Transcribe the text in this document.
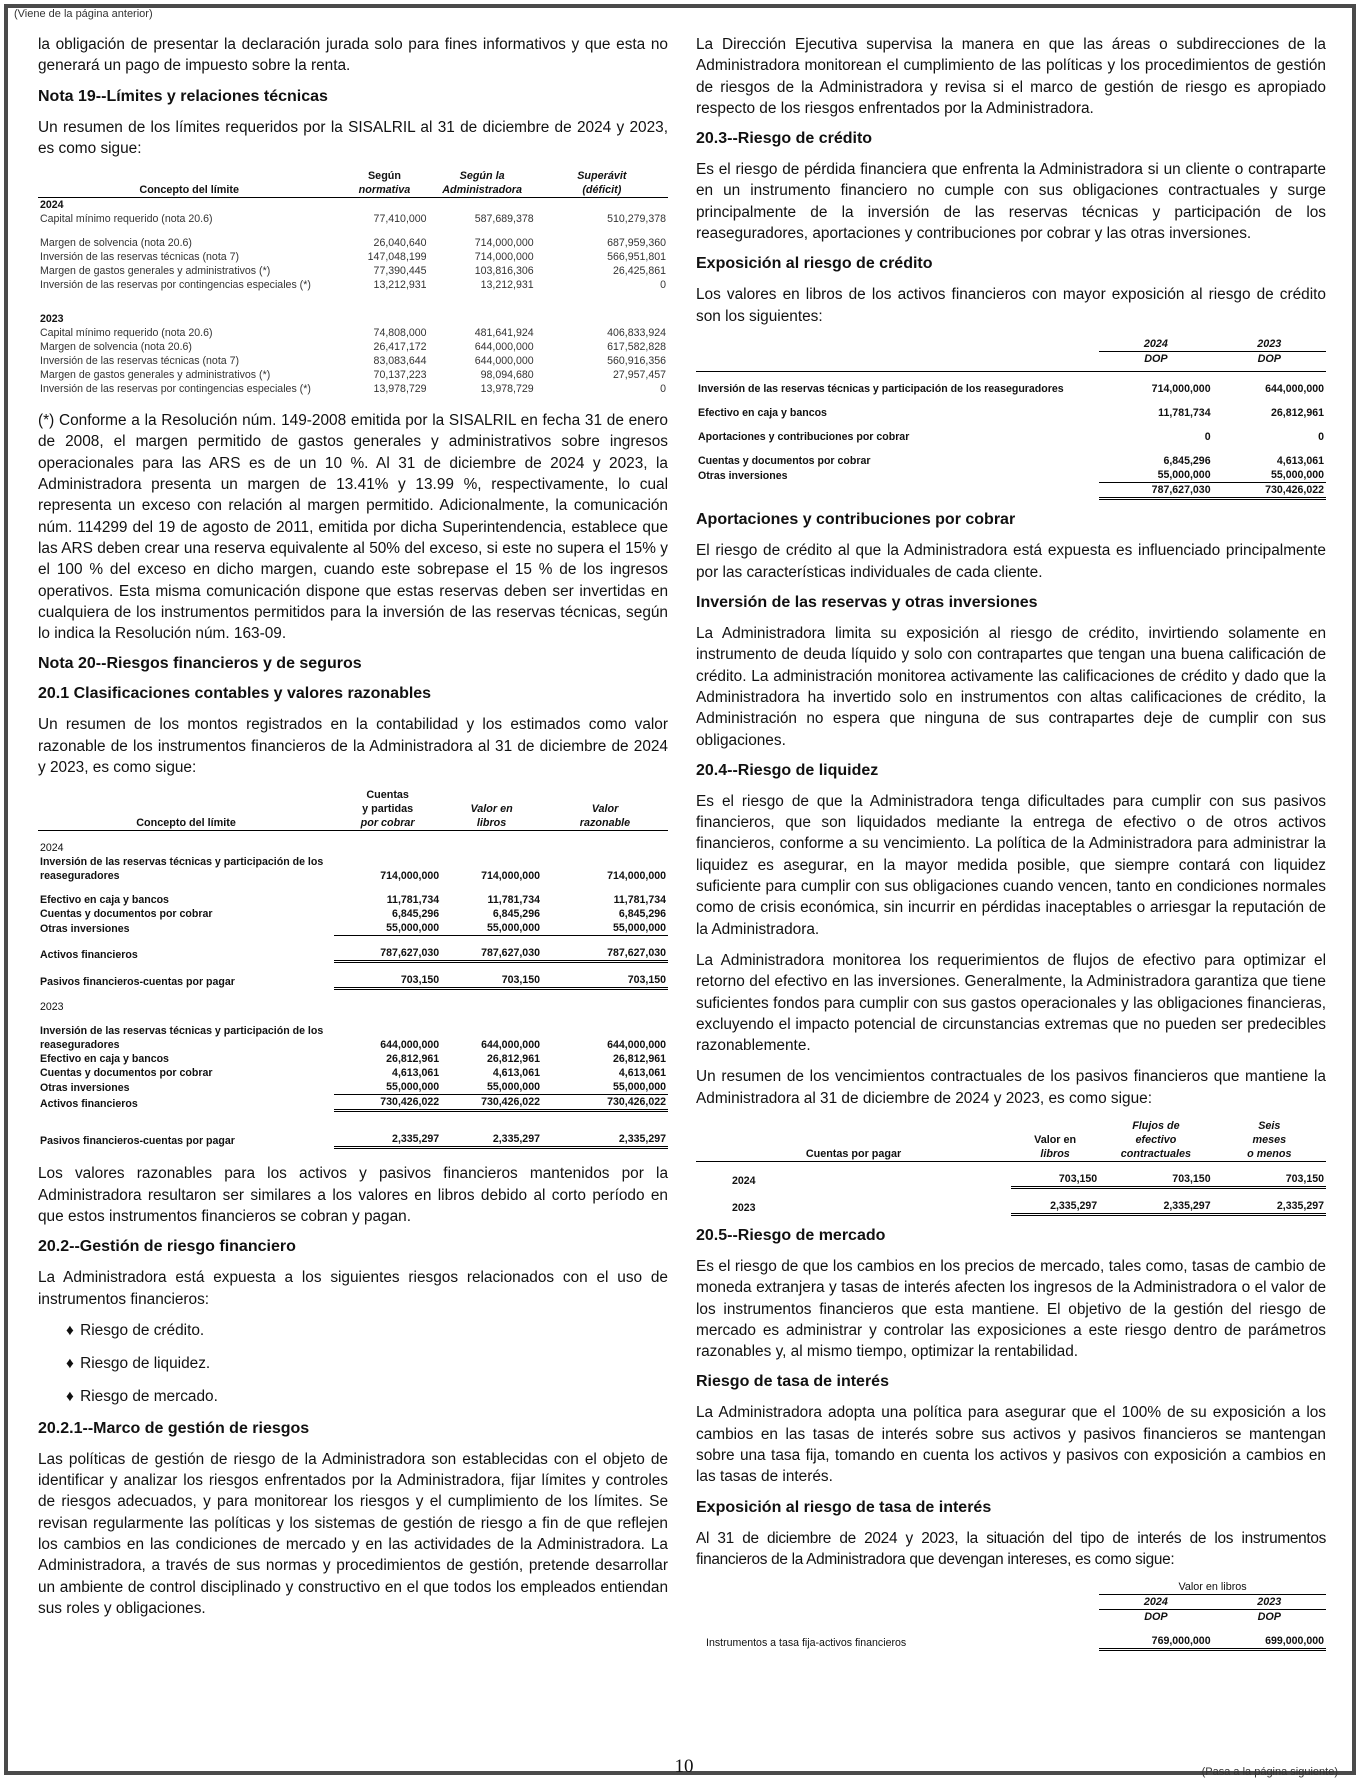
(Viene de la página anterior)

la obligación de presentar la declaración jurada solo para fines informativos y que esta no generará un pago de impuesto sobre la renta.

Nota 19--Límites y relaciones técnicas

Un resumen de los límites requeridos por la SISALRIL al 31 de diciembre de 2024 y 2023, es como sigue:

	Según	Según la	Superávit
Concepto del límite	normativa	Administradora	(déficit)
2024			
Capital mínimo requerido (nota 20.6)	77,410,000	587,689,378	510,279,378

Margen de solvencia (nota 20.6)	26,040,640	714,000,000	687,959,360
Inversión de las reservas técnicas (nota 7)	147,048,199	714,000,000	566,951,801
Margen de gastos generales y administrativos (*)	77,390,445	103,816,306	26,425,861
Inversión de las reservas por contingencias especiales (*)	13,212,931	13,212,931	0

2023			
Capital mínimo requerido (nota 20.6)	74,808,000	481,641,924	406,833,924
Margen de solvencia (nota 20.6)	26,417,172	644,000,000	617,582,828
Inversión de las reservas técnicas (nota 7)	83,083,644	644,000,000	560,916,356
Margen de gastos generales y administrativos (*)	70,137,223	98,094,680	27,957,457
Inversión de las reservas por contingencias especiales (*)	13,978,729	13,978,729	0

(*) Conforme a la Resolución núm. 149-2008 emitida por la SISALRIL en fecha 31 de enero de 2008, el margen permitido de gastos generales y administrativos sobre ingresos operacionales para las ARS es de un 10 %. Al 31 de diciembre de 2024 y 2023, la Administradora presenta un margen de 13.41% y 13.99 %, respectivamente, lo cual representa un exceso con relación al margen permitido. Adicionalmente, la comunicación núm. 114299 del 19 de agosto de 2011, emitida por dicha Superintendencia, establece que las ARS deben crear una reserva equivalente al 50% del exceso, si este no supera el 15% y el 100 % del exceso en dicho margen, cuando este sobrepase el 15 % de los ingresos operativos. Esta misma comunicación dispone que estas reservas deben ser invertidas en cualquiera de los instrumentos permitidos para la inversión de las reservas técnicas, según lo indica la Resolución núm. 163-09.

Nota 20--Riesgos financieros y de seguros
20.1 Clasificaciones contables y valores razonables

Un resumen de los montos registrados en la contabilidad y los estimados como valor razonable de los instrumentos financieros de la Administradora al 31 de diciembre de 2024 y 2023, es como sigue:

	Cuentas		
	y partidas	Valor en	Valor
Concepto del límite	por cobrar	libros	razonable

2024			
Inversión de las reservas técnicas y participación de los			
reaseguradores	714,000,000	714,000,000	714,000,000

Efectivo en caja y bancos	11,781,734	11,781,734	11,781,734
Cuentas y documentos por cobrar	6,845,296	6,845,296	6,845,296
Otras inversiones	55,000,000	55,000,000	55,000,000

Activos financieros	787,627,030	787,627,030	787,627,030

Pasivos financieros-cuentas por pagar	703,150	703,150	703,150

2023			

Inversión de las reservas técnicas y participación de los			
reaseguradores	644,000,000	644,000,000	644,000,000
Efectivo en caja y bancos	26,812,961	26,812,961	26,812,961
Cuentas y documentos por cobrar	4,613,061	4,613,061	4,613,061
Otras inversiones	55,000,000	55,000,000	55,000,000
Activos financieros	730,426,022	730,426,022	730,426,022

Pasivos financieros-cuentas por pagar	2,335,297	2,335,297	2,335,297

Los valores razonables para los activos y pasivos financieros mantenidos por la Administradora resultaron ser similares a los valores en libros debido al corto período en que estos instrumentos financieros se cobran y pagan.

20.2--Gestión de riesgo financiero

La Administradora está expuesta a los siguientes riesgos relacionados con el uso de instrumentos financieros:

♦ Riesgo de crédito.
♦ Riesgo de liquidez.
♦ Riesgo de mercado.
20.2.1--Marco de gestión de riesgos

Las políticas de gestión de riesgo de la Administradora son establecidas con el objeto de identificar y analizar los riesgos enfrentados por la Administradora, fijar límites y controles de riesgos adecuados, y para monitorear los riesgos y el cumplimiento de los límites. Se revisan regularmente las políticas y los sistemas de gestión de riesgo a fin de que reflejen los cambios en las condiciones de mercado y en las actividades de la Administradora. La Administradora, a través de sus normas y procedimientos de gestión, pretende desarrollar un ambiente de control disciplinado y constructivo en el que todos los empleados entiendan sus roles y obligaciones.

La Dirección Ejecutiva supervisa la manera en que las áreas o subdirecciones de la Administradora monitorean el cumplimiento de las políticas y los procedimientos de gestión de riesgos de la Administradora y revisa si el marco de gestión de riesgo es apropiado respecto de los riesgos enfrentados por la Administradora.

20.3--Riesgo de crédito

Es el riesgo de pérdida financiera que enfrenta la Administradora si un cliente o contraparte en un instrumento financiero no cumple con sus obligaciones contractuales y surge principalmente de la inversión de las reservas técnicas y participación de los reaseguradores, aportaciones y contribuciones por cobrar y las otras inversiones.

Exposición al riesgo de crédito

Los valores en libros de los activos financieros con mayor exposición al riesgo de crédito son los siguientes:

	2024	2023
	DOP	DOP

Inversión de las reservas técnicas y participación de los reaseguradores	714,000,000	644,000,000

Efectivo en caja y bancos	11,781,734	26,812,961

Aportaciones y contribuciones por cobrar	0	0

Cuentas y documentos por cobrar	6,845,296	4,613,061
Otras inversiones	55,000,000	55,000,000
	787,627,030	730,426,022
Aportaciones y contribuciones por cobrar

El riesgo de crédito al que la Administradora está expuesta es influenciado principalmente por las características individuales de cada cliente.

Inversión de las reservas y otras inversiones

La Administradora limita su exposición al riesgo de crédito, invirtiendo solamente en instrumento de deuda líquido y solo con contrapartes que tengan una buena calificación de crédito. La administración monitorea activamente las calificaciones de crédito y dado que la Administradora ha invertido solo en instrumentos con altas calificaciones de crédito, la Administración no espera que ninguna de sus contrapartes deje de cumplir con sus obligaciones.

20.4--Riesgo de liquidez

Es el riesgo de que la Administradora tenga dificultades para cumplir con sus pasivos financieros, que son liquidados mediante la entrega de efectivo o de otros activos financieros, conforme a su vencimiento. La política de la Administradora para administrar la liquidez es asegurar, en la mayor medida posible, que siempre contará con liquidez suficiente para cumplir con sus obligaciones cuando vencen, tanto en condiciones normales como de crisis económica, sin incurrir en pérdidas inaceptables o arriesgar la reputación de la Administradora.

La Administradora monitorea los requerimientos de flujos de efectivo para optimizar el retorno del efectivo en las inversiones. Generalmente, la Administradora garantiza que tiene suficientes fondos para cumplir con sus gastos operacionales y las obligaciones financieras, excluyendo el impacto potencial de circunstancias extremas que no pueden ser predecibles razonablemente.

Un resumen de los vencimientos contractuales de los pasivos financieros que mantiene la Administradora al 31 de diciembre de 2024 y 2023, es como sigue:

		Flujos de	Seis
	Valor en	efectivo	meses
Cuentas por pagar	libros	contractuales	o menos

2024	703,150	703,150	703,150

2023	2,335,297	2,335,297	2,335,297
20.5--Riesgo de mercado

Es el riesgo de que los cambios en los precios de mercado, tales como, tasas de cambio de moneda extranjera y tasas de interés afecten los ingresos de la Administradora o el valor de los instrumentos financieros que esta mantiene. El objetivo de la gestión del riesgo de mercado es administrar y controlar las exposiciones a este riesgo dentro de parámetros razonables y, al mismo tiempo, optimizar la rentabilidad.

Riesgo de tasa de interés

La Administradora adopta una política para asegurar que el 100% de su exposición a los cambios en las tasas de interés sobre sus activos y pasivos financieros se mantengan sobre una tasa fija, tomando en cuenta los activos y pasivos con exposición a cambios en las tasas de interés.

Exposición al riesgo de tasa de interés

Al 31 de diciembre de 2024 y 2023, la situación del tipo de interés de los instrumentos financieros de la Administradora que devengan intereses, es como sigue:

	Valor en libros	
	2024	2023
	DOP	DOP

Instrumentos a tasa fija-activos financieros	769,000,000	699,000,000
10	(Pasa a la página siguiente)
